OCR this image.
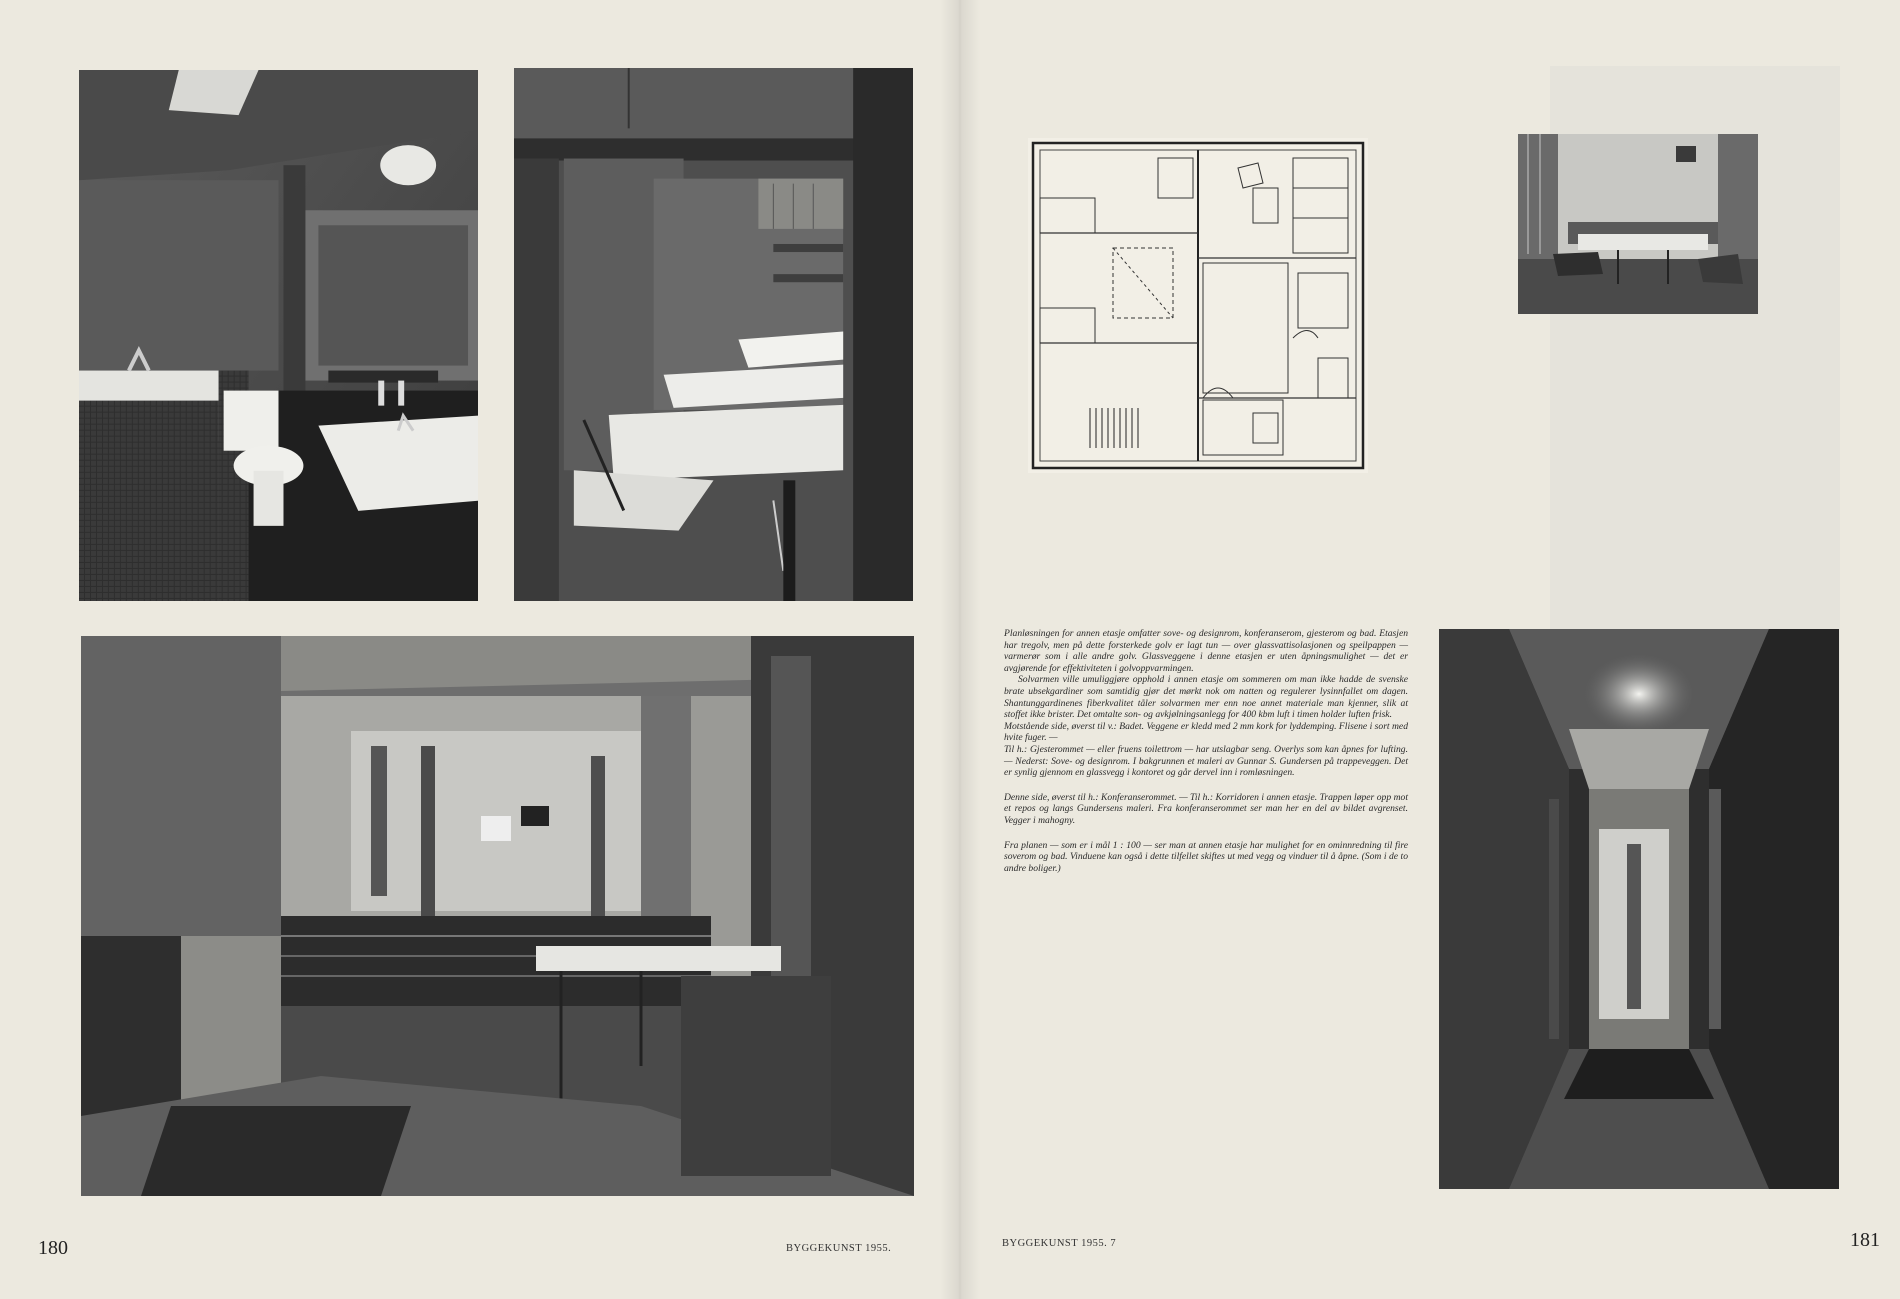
Planløsningen for annen etasje omfatter sove- og designrom, konferanserom, gjesterom og bad. Etasjen har tregolv, men på dette forsterkede golv er lagt tun — over glassvattisolasjonen og speilpappen — varmerør som i alle andre golv. Glassveggene i denne etasjen er uten åpningsmulighet — det er avgjørende for effektiviteten i golvoppvarmingen.

Solvarmen ville umuliggjøre opphold i annen etasje om sommeren om man ikke hadde de svenske brate ubsekgardiner som samtidig gjør det mørkt nok om natten og regulerer lysinnfallet om dagen. Shantunggardinenes fiberkvalitet tåler solvarmen mer enn noe annet materiale man kjenner, slik at stoffet ikke brister. Det omtalte son- og avkjølningsanlegg for 400 kbm luft i timen holder luften frisk.

Motstående side, øverst til v.: Badet. Veggene er kledd med 2 mm kork for lyddemping. Flisene i sort med hvite fuger. —

Til h.: Gjesterommet — eller fruens toilettrom — har utslagbar seng. Overlys som kan åpnes for lufting. — Nederst: Sove- og designrom. I bakgrunnen et maleri av Gunnar S. Gundersen på trappeveggen. Det er synlig gjennom en glassvegg i kontoret og går dervel inn i romløsningen.

Denne side, øverst til h.: Konferanserommet. — Til h.: Korridoren i annen etasje. Trappen løper opp mot et repos og langs Gundersens maleri. Fra konferanserommet ser man her en del av bildet avgrenset. Vegger i mahogny.

Fra planen — som er i mål 1 : 100 — ser man at annen etasje har mulighet for en ominnredning til fire soverom og bad. Vinduene kan også i dette tilfellet skiftes ut med vegg og vinduer til å åpne. (Som i de to andre boliger.)

180	BYGGEKUNST 1955.	BYGGEKUNST 1955. 7	181
